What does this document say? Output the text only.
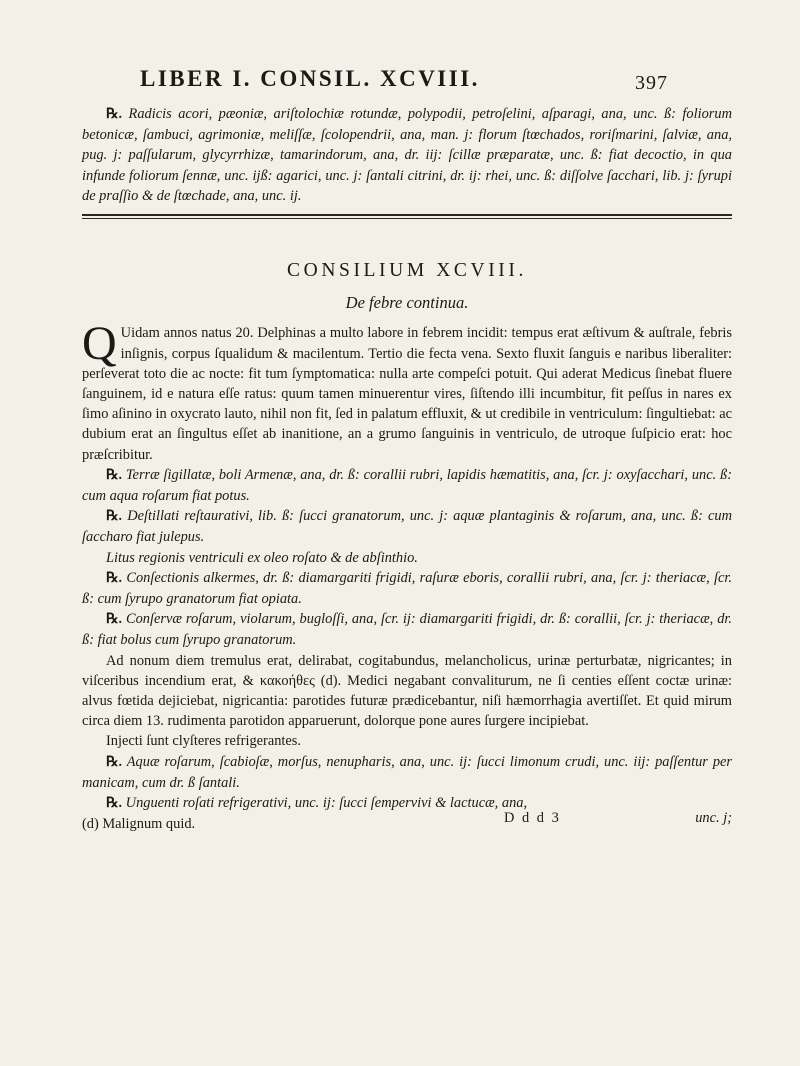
LIBER I. CONSIL. XCVIII.	397

℞. Radicis acori, pæoniæ, ariſtolochiæ rotundæ, polypodii, petroſelini, aſparagi, ana, unc. ß: foliorum betonicæ, ſambuci, agrimoniæ, meliſſæ, ſcolopendrii, ana, man. j: florum ſtœchados, roriſmarini, ſalviæ, ana, pug. j: paſſularum, glycyrrhizæ, tamarindorum, ana, dr. iij: ſcillæ præparatæ, unc. ß: fiat decoctio, in qua infunde foliorum ſennæ, unc. ijß: agarici, unc. j: ſantali citrini, dr. ij: rhei, unc. ß: diſſolve ſacchari, lib. j: ſyrupi de praſſio & de ſtœchade, ana, unc. ij.

CONSILIUM XCVIII.
De febre continua.

Q Uidam annos natus 20. Delphinas a multo labore in febrem incidit: tempus erat æſtivum & auſtrale, febris inſignis, corpus ſqualidum & macilentum. Tertio die fecta vena. Sexto fluxit ſanguis e naribus liberaliter: perſeverat toto die ac nocte: fit tum ſymptomatica: nulla arte compeſci potuit. Qui aderat Medicus ſinebat fluere ſanguinem, id e natura eſſe ratus: quum tamen minuerentur vires, ſiſtendo illi incumbitur, fit peſſus in nares ex ſimo aſinino in oxycrato lauto, nihil non fit, ſed in palatum effluxit, & ut credibile in ventriculum: ſingultiebat: ac dubium erat an ſingultus eſſet ab inanitione, an a grumo ſanguinis in ventriculo, de utroque ſuſpicio erat: hoc præſcribitur.

℞. Terræ ſigillatæ, boli Armenæ, ana, dr. ß: corallii rubri, lapidis hæmatitis, ana, ſcr. j: oxyſacchari, unc. ß: cum aqua roſarum fiat potus.

℞. Deſtillati reſtaurativi, lib. ß: ſucci granatorum, unc. j: aquæ plantaginis & roſarum, ana, unc. ß: cum ſaccharo fiat julepus.

Litus regionis ventriculi ex oleo roſato & de abſinthio.

℞. Conſectionis alkermes, dr. ß: diamargariti frigidi, raſuræ eboris, corallii rubri, ana, ſcr. j: theriacæ, ſcr. ß: cum ſyrupo granatorum fiat opiata.

℞. Conſervæ roſarum, violarum, bugloſſi, ana, ſcr. ij: diamargariti frigidi, dr. ß: corallii, ſcr. j: theriacæ, dr. ß: fiat bolus cum ſyrupo granatorum.

Ad nonum diem tremulus erat, delirabat, cogitabundus, melancholicus, urinæ perturbatæ, nigricantes; in viſceribus incendium erat, & κακοήθες (d). Medici negabant convaliturum, ne ſi centies eſſent coctæ urinæ: alvus fœtida dejiciebat, nigricantia: parotides futuræ prædicebantur, niſi hæmorrhagia avertiſſet. Et quid mirum circa diem 13. rudimenta parotidon apparuerunt, dolorque pone aures ſurgere incipiebat.

Injecti ſunt clyſteres refrigerantes.

℞. Aquæ roſarum, ſcabioſæ, morſus, nenupharis, ana, unc. ij: ſucci limonum crudi, unc. iij: paſſentur per manicam, cum dr. ß ſantali.

℞. Unguenti roſati refrigerativi, unc. ij: ſucci ſempervivi & lactucæ, ana,

(d) Malignum quid.	D d d 3	unc. j;
